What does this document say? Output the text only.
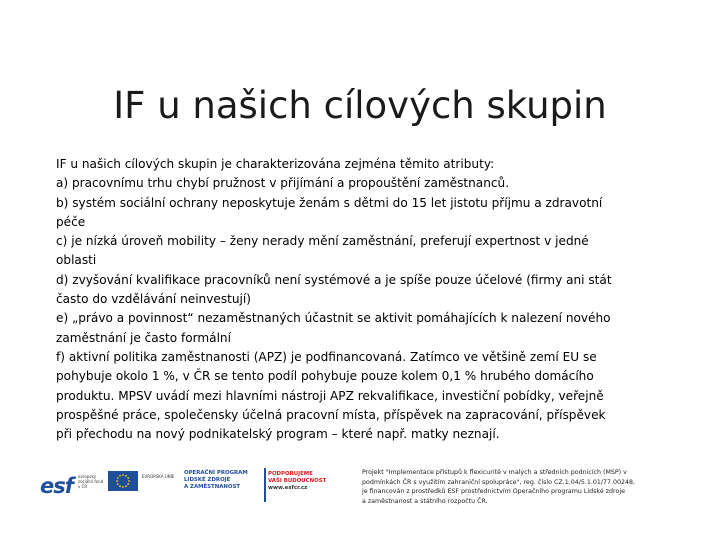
IF u našich cílových skupin
IF u našich cílových skupin je charakterizována zejména těmito atributy:
a) pracovnímu trhu chybí pružnost v přijímání a propouštění zaměstnanců.
b) systém sociální ochrany neposkytuje ženám s dětmi do 15 let jistotu příjmu a zdravotní
péče
c) je nízká úroveň mobility – ženy nerady mění zaměstnání, preferují expertnost v jedné
oblasti
d) zvyšování kvalifikace pracovníků není systémové a je spíše pouze účelové (firmy ani stát
často do vzdělávání neinvestují)
e) „právo a povinnost“ nezaměstnaných účastnit se aktivit pomáhajících k nalezení nového
zaměstnání je často formální
f) aktivní politika zaměstnanosti (APZ) je podfinancovaná. Zatímco ve většině zemí EU se
pohybuje okolo 1 %, v ČR se tento podíl pohybuje pouze kolem 0,1 % hrubého domácího
produktu. MPSV uvádí mezi hlavními nástroji APZ rekvalifikace, investiční pobídky, veřejně
prospěšné práce, společensky účelná pracovní místa, příspěvek na zapracování, příspěvek
při přechodu na nový podnikatelský program – které např. matky neznají.
esf evropský sociální fond v ČR
EVROPSKÁ UNIE
OPERAČNÍ PROGRAM
LIDSKÉ ZDROJE
A ZAMĚSTNANOST
PODPORUJEME
VAŠI BUDOUCNOST
www.esfcr.cz
Projekt "Implementace přístupů k flexicuritě v malých a středních podnicích (MSP) v
podmínkách ČR s využitím zahraniční spolupráce", reg. číslo CZ.1.04/5.1.01/77.00248,
je financován z prostředků ESF prostřednictvím Operačního programu Lidské zdroje
a zaměstnanost a státního rozpočtu ČR.
